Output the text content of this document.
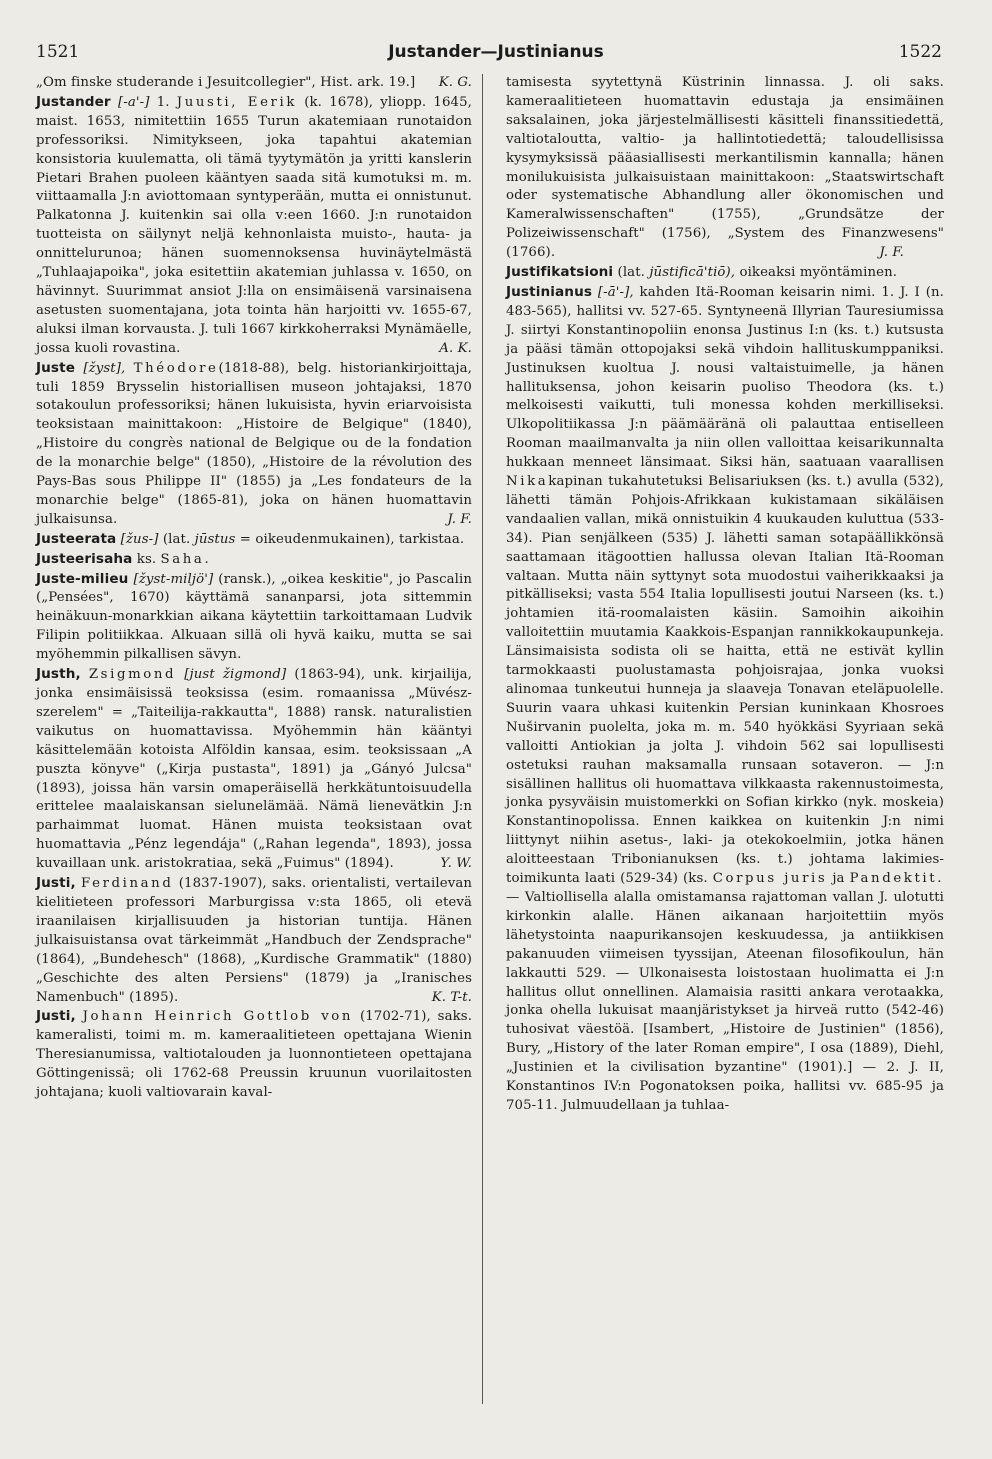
1521	Justander—Justinianus	1522

„Om finske studerande i Jesuitcollegier", Hist. ark. 19.] K. G.

Justander [-a'-] 1. Juusti, Eerik (k. 1678), yliopp. 1645, maist. 1653, nimitettiin 1655 Turun akatemiaan runotaidon professoriksi. Nimitykseen, joka tapahtui akatemian konsistoria kuulematta, oli tämä tyytymätön ja yritti kanslerin Pietari Brahen puoleen kääntyen saada sitä kumotuksi m. m. viittaamalla J:n aviottomaan syntyperään, mutta ei onnistunut. Palkatonna J. kuitenkin sai olla v:een 1660. J:n runotaidon tuotteista on säilynyt neljä kehnonlaista muisto-, hauta- ja onnittelurunoa; hänen suomennoksensa huvinäytelmästä „Tuhlaajapoika", joka esitettiin akatemian juhlassa v. 1650, on hävinnyt. Suurimmat ansiot J:lla on ensimäisenä varsinaisena asetusten suomentajana, jota tointa hän harjoitti vv. 1655-67, aluksi ilman korvausta. J. tuli 1667 kirkkoherraksi Mynämäelle, jossa kuoli rovastina.	A. K.

Juste [žyst], Théodore(1818-88), belg. historiankirjoittaja, tuli 1859 Brysselin historiallisen museon johtajaksi, 1870 sotakoulun professoriksi; hänen lukuisista, hyvin eriarvoisista teoksistaan mainittakoon: „Histoire de Belgique" (1840), „Histoire du congrès national de Belgique ou de la fondation de la monarchie belge" (1850), „Histoire de la révolution des Pays-Bas sous Philippe II" (1855) ja „Les fondateurs de la monarchie belge" (1865-81), joka on hänen huomattavin julkaisunsa.	J. F.

Justeerata [žus-] (lat. jūstus = oikeudenmukainen), tarkistaa.

Justeerisaha ks. Saha.

Juste-milieu [žyst-miljö'] (ransk.), „oikea keskitie", jo Pascalin („Pensées", 1670) käyttämä sananparsi, jota sittemmin heinäkuun-monarkkian aikana käytettiin tarkoittamaan Ludvik Filipin politiikkaa. Alkuaan sillä oli hyvä kaiku, mutta se sai myöhemmin pilkallisen sävyn.

Justh, Zsigmond [just žigmond] (1863-94), unk. kirjailija, jonka ensimäisissä teoksissa (esim. romaanissa „Müvész-szerelem" = „Taiteilija-rakkautta", 1888) ransk. naturalistien vaikutus on huomattavissa. Myöhemmin hän kääntyi käsittelemään kotoista Alföldin kansaa, esim. teoksissaan „A puszta könyve" („Kirja pustasta", 1891) ja „Gányó Julcsa" (1893), joissa hän varsin omaperäisellä herkkätuntoisuudella erittelee maalaiskansan sielunelämää. Nämä lienevätkin J:n parhaimmat luomat. Hänen muista teoksistaan ovat huomattavia „Pénz legendája" („Rahan legenda", 1893), jossa kuvaillaan unk. aristokratiaa, sekä „Fuimus" (1894).	Y. W.

Justi, Ferdinand (1837-1907), saks. orientalisti, vertailevan kielitieteen professori Marburgissa v:sta 1865, oli etevä iraanilaisen kirjallisuuden ja historian tuntija. Hänen julkaisuistansa ovat tärkeimmät „Handbuch der Zendsprache" (1864), „Bundehesch" (1868), „Kurdische Grammatik" (1880) „Geschichte des alten Persiens" (1879) ja „Iranisches Namenbuch" (1895).	K. T-t.

Justi, Johann Heinrich Gottlob von (1702-71), saks. kameralisti, toimi m. m. kameraalitieteen opettajana Wienin Theresianumissa, valtiotalouden ja luonnontieteen opettajana Göttingenissä; oli 1762-68 Preussin kruunun vuorilaitosten johtajana; kuoli valtiovarain kaval-

tamisesta syytettynä Küstrinin linnassa. J. oli saks. kameraalitieteen huomattavin edustaja ja ensimäinen saksalainen, joka järjestelmällisesti käsitteli finanssitiedettä, valtiotaloutta, valtio- ja hallintotiedettä; taloudellisissa kysymyksissä pääasiallisesti merkantilismin kannalla; hänen monilukuisista julkaisuistaan mainittakoon: „Staatswirtschaft oder systematische Abhandlung aller ökonomischen und Kameralwissenschaften" (1755), „Grundsätze der Polizeiwissenschaft" (1756), „System des Finanzwesens" (1766).	J. F.

Justifikatsioni (lat. jūstificā'tiō), oikeaksi myöntäminen.

Justinianus [-ā'-], kahden Itä-Rooman keisarin nimi. 1. J. I (n. 483-565), hallitsi vv. 527-65. Syntyneenä Illyrian Tauresiumissa J. siirtyi Konstantinopoliin enonsa Justinus I:n (ks. t.) kutsusta ja pääsi tämän ottopojaksi sekä vihdoin hallituskumppaniksi. Justinuksen kuoltua J. nousi valtaistuimelle, ja hänen hallituksensa, johon keisarin puoliso Theodora (ks. t.) melkoisesti vaikutti, tuli monessa kohden merkilliseksi. Ulkopolitiikassa J:n päämääränä oli palauttaa entiselleen Rooman maailmanvalta ja niin ollen valloittaa keisarikunnalta hukkaan menneet länsimaat. Siksi hän, saatuaan vaarallisen Nikakapinan tukahutetuksi Belisariuksen (ks. t.) avulla (532), lähetti tämän Pohjois-Afrikkaan kukistamaan sikäläisen vandaalien vallan, mikä onnistuikin 4 kuukauden kuluttua (533-34). Pian senjälkeen (535) J. lähetti saman sotapäällikkönsä saattamaan itägoottien hallussa olevan Italian Itä-Rooman valtaan. Mutta näin syttynyt sota muodostui vaiherikkaaksi ja pitkälliseksi; vasta 554 Italia lopullisesti joutui Narseen (ks. t.) johtamien itä-roomalaisten käsiin. Samoihin aikoihin valloitettiin muutamia Kaakkois-Espanjan rannikkokaupunkeja. Länsimaisista sodista oli se haitta, että ne estivät kyllin tarmokkaasti puolustamasta pohjoisrajaa, jonka vuoksi alinomaa tunkeutui hunneja ja slaaveja Tonavan eteläpuolelle. Suurin vaara uhkasi kuitenkin Persian kuninkaan Khosroes Nuširvanin puolelta, joka m. m. 540 hyökkäsi Syyriaan sekä valloitti Antiokian ja jolta J. vihdoin 562 sai lopullisesti ostetuksi rauhan maksamalla runsaan sotaveron. — J:n sisällinen hallitus oli huomattava vilkkaasta rakennustoimesta, jonka pysyväisin muistomerkki on Sofian kirkko (nyk. moskeia) Konstantinopolissa. Ennen kaikkea on kuitenkin J:n nimi liittynyt niihin asetus-, laki- ja otekokoelmiin, jotka hänen aloitteestaan Tribonianuksen (ks. t.) johtama lakimies-toimikunta laati (529-34) (ks. Corpus juris ja Pandektit. — Valtiollisella alalla omistamansa rajattoman vallan J. ulotutti kirkonkin alalle. Hänen aikanaan harjoitettiin myös lähetystointa naapurikansojen keskuudessa, ja antiikkisen pakanuuden viimeisen tyyssijan, Ateenan filosofikoulun, hän lakkautti 529. — Ulkonaisesta loistostaan huolimatta ei J:n hallitus ollut onnellinen. Alamaisia rasitti ankara verotaakka, jonka ohella lukuisat maanjäristykset ja hirveä rutto (542-46) tuhosivat väestöä. [Isambert, „Histoire de Justinien" (1856), Bury, „History of the later Roman empire", I osa (1889), Diehl, „Justinien et la civilisation byzantine" (1901).] — 2. J. II, Konstantinos IV:n Pogonatoksen poika, hallitsi vv. 685-95 ja 705-11. Julmuudellaan ja tuhlaa-
